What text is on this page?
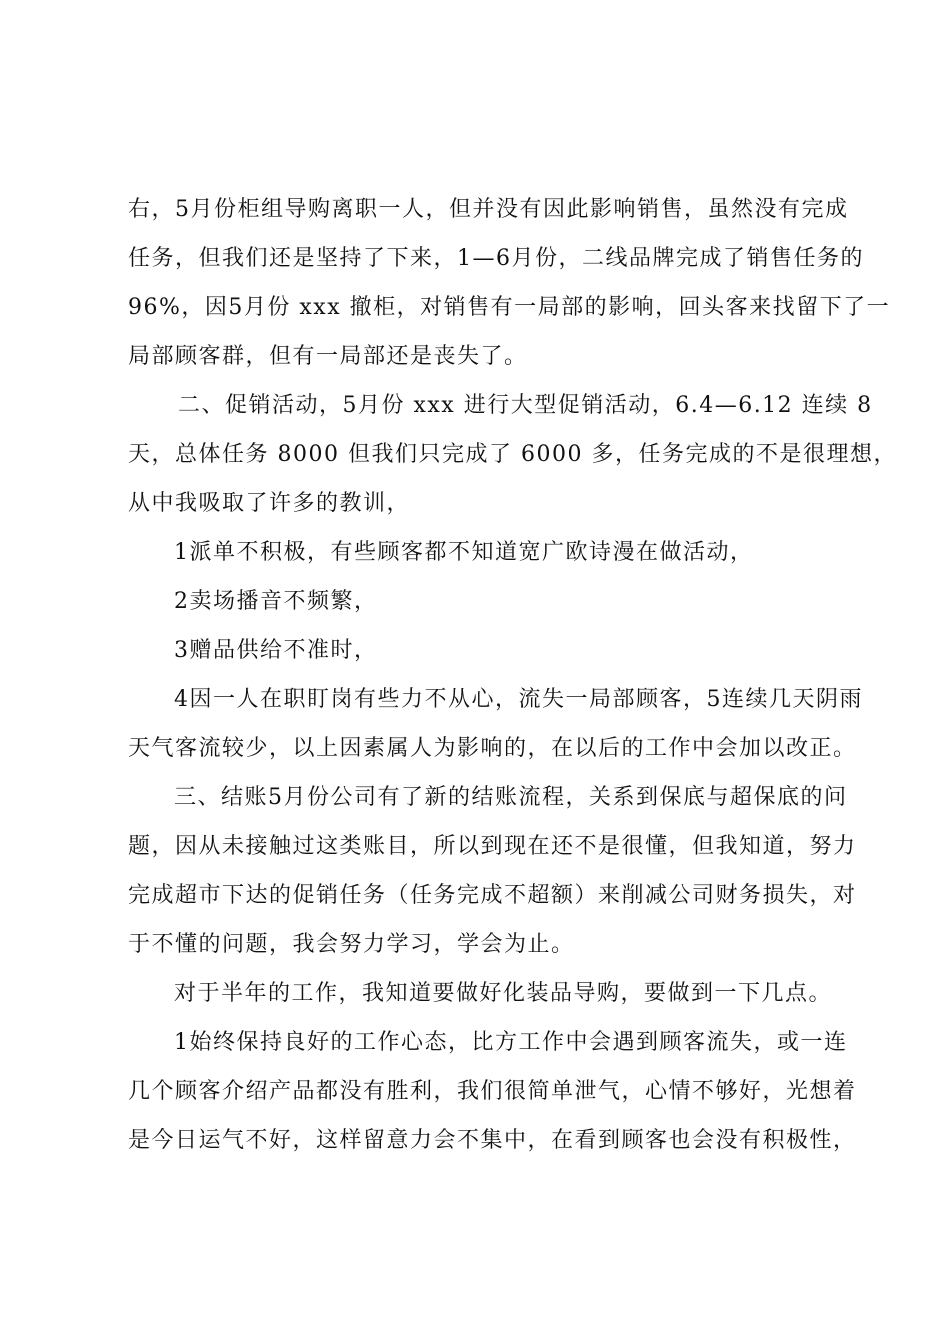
右，5月份柜组导购离职一人，但并没有因此影响销售，虽然没有完成
任务，但我们还是坚持了下来，1—6月份，二线品牌完成了销售任务的
96%，因5月份 xxx 撤柜，对销售有一局部的影响，回头客来找留下了一
局部顾客群，但有一局部还是丧失了。
二、促销活动，5月份 xxx 进行大型促销活动，6.4—6.12 连续 8
天，总体任务 8000 但我们只完成了 6000 多，任务完成的不是很理想，
从中我吸取了许多的教训，
1派单不积极，有些顾客都不知道宽广欧诗漫在做活动，
2卖场播音不频繁，
3赠品供给不准时，
4因一人在职盯岗有些力不从心，流失一局部顾客，5连续几天阴雨
天气客流较少，以上因素属人为影响的，在以后的工作中会加以改正。
三、结账5月份公司有了新的结账流程，关系到保底与超保底的问
题，因从未接触过这类账目，所以到现在还不是很懂，但我知道，努力
完成超市下达的促销任务（任务完成不超额）来削减公司财务损失，对
于不懂的问题，我会努力学习，学会为止。
对于半年的工作，我知道要做好化装品导购，要做到一下几点。
1始终保持良好的工作心态，比方工作中会遇到顾客流失，或一连
几个顾客介绍产品都没有胜利，我们很简单泄气，心情不够好，光想着
是今日运气不好，这样留意力会不集中，在看到顾客也会没有积极性，
